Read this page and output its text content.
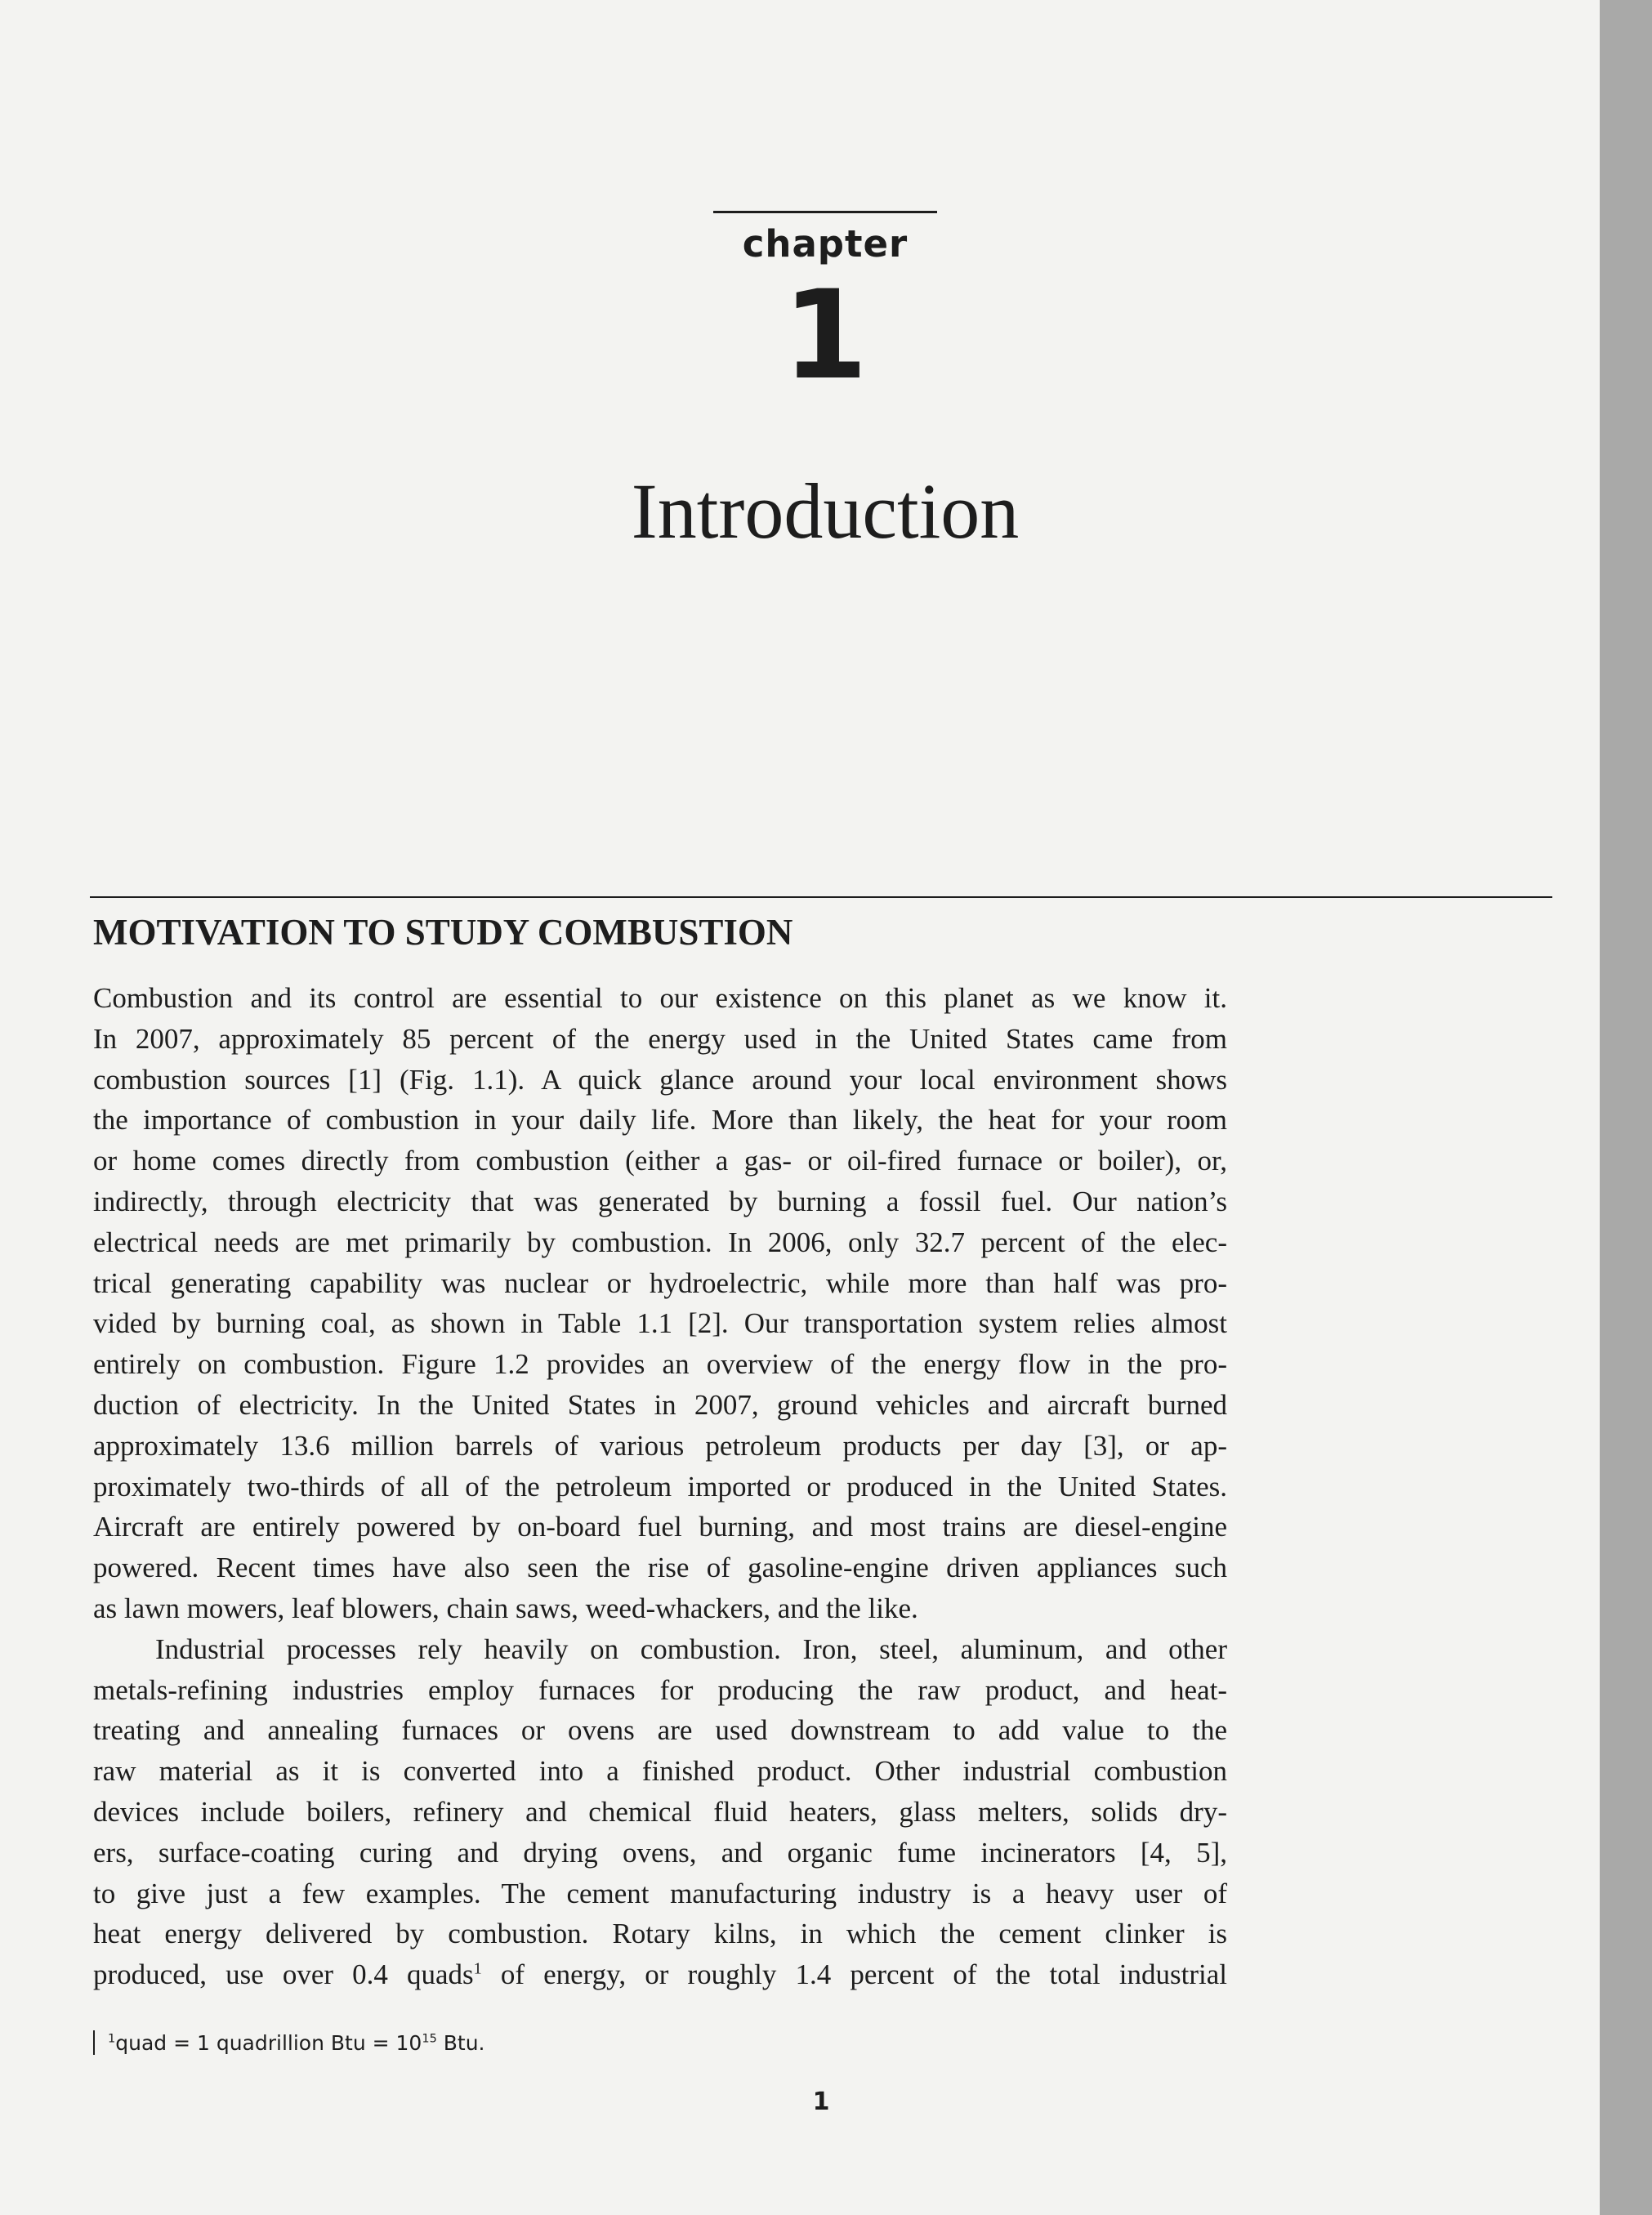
chapter
1
Introduction
MOTIVATION TO STUDY COMBUSTION
Combustion and its control are essential to our existence on this planet as we know it.
In 2007, approximately 85 percent of the energy used in the United States came from
combustion sources [1] (Fig. 1.1). A quick glance around your local environment shows
the importance of combustion in your daily life. More than likely, the heat for your room
or home comes directly from combustion (either a gas- or oil-fired furnace or boiler), or,
indirectly, through electricity that was generated by burning a fossil fuel. Our nation’s
electrical needs are met primarily by combustion. In 2006, only 32.7 percent of the elec-
trical generating capability was nuclear or hydroelectric, while more than half was pro-
vided by burning coal, as shown in Table 1.1 [2]. Our transportation system relies almost
entirely on combustion. Figure 1.2 provides an overview of the energy flow in the pro-
duction of electricity. In the United States in 2007, ground vehicles and aircraft burned
approximately 13.6 million barrels of various petroleum products per day [3], or ap-
proximately two-thirds of all of the petroleum imported or produced in the United States.
Aircraft are entirely powered by on-board fuel burning, and most trains are diesel-engine
powered. Recent times have also seen the rise of gasoline-engine driven appliances such
as lawn mowers, leaf blowers, chain saws, weed-whackers, and the like.
Industrial processes rely heavily on combustion. Iron, steel, aluminum, and other
metals-refining industries employ furnaces for producing the raw product, and heat-
treating and annealing furnaces or ovens are used downstream to add value to the
raw material as it is converted into a finished product. Other industrial combustion
devices include boilers, refinery and chemical fluid heaters, glass melters, solids dry-
ers, surface-coating curing and drying ovens, and organic fume incinerators [4, 5],
to give just a few examples. The cement manufacturing industry is a heavy user of
heat energy delivered by combustion. Rotary kilns, in which the cement clinker is
produced, use over 0.4 quads$^1$ of energy, or roughly 1.4 percent of the total industrial
$^1$quad = 1 quadrillion Btu = $10^{15}$ Btu.
1
